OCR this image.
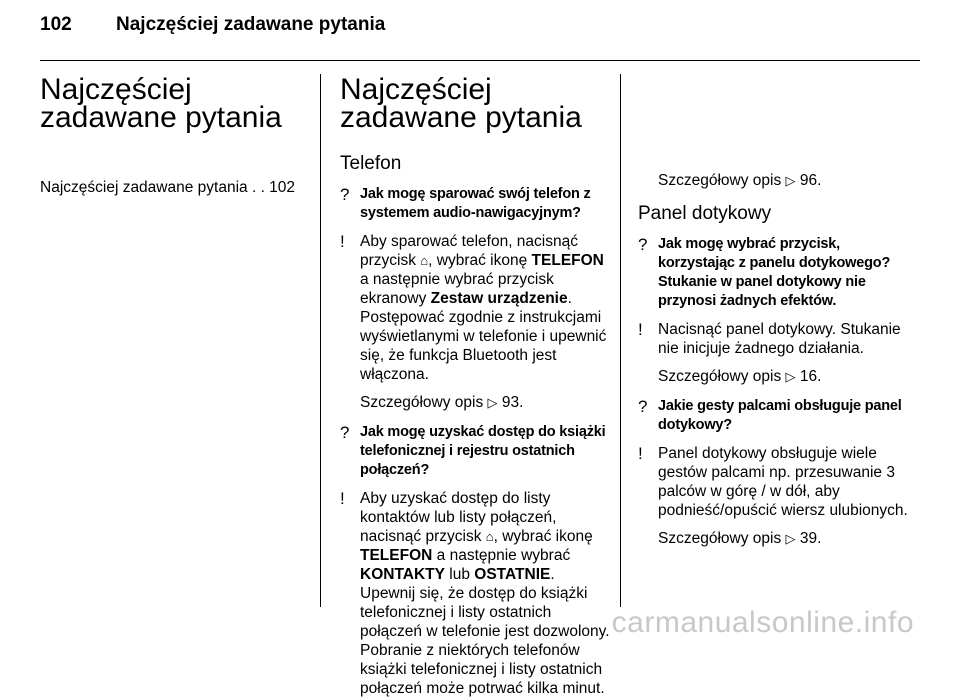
102 Najczęściej zadawane pytania
Najczęściej zadawane pytania
Najczęściej zadawane pytania . . 102
Najczęściej zadawane pytania
Telefon
? Jak mogę sparować swój telefon z systemem audio-nawigacyjnym?
! Aby sparować telefon, nacisnąć przycisk ⌂, wybrać ikonę TELEFON a następnie wybrać przycisk ekranowy Zestaw urządzenie. Postępować zgodnie z instrukcjami wyświetlanymi w telefonie i upewnić się, że funkcja Bluetooth jest włączona.
Szczegółowy opis ▷ 93.
? Jak mogę uzyskać dostęp do książki telefonicznej i rejestru ostatnich połączeń?
! Aby uzyskać dostęp do listy kontaktów lub listy połączeń, nacisnąć przycisk ⌂, wybrać ikonę TELEFON a następnie wybrać KONTAKTY lub OSTATNIE. Upewnij się, że dostęp do książki telefonicznej i listy ostatnich połączeń w telefonie jest dozwolony. Pobranie z niektórych telefonów książki telefonicznej i listy ostatnich połączeń może potrwać kilka minut.
Szczegółowy opis ▷ 96.
Panel dotykowy
? Jak mogę wybrać przycisk, korzystając z panelu dotykowego? Stukanie w panel dotykowy nie przynosi żadnych efektów.
! Nacisnąć panel dotykowy. Stukanie nie inicjuje żadnego działania.
Szczegółowy opis ▷ 16.
? Jakie gesty palcami obsługuje panel dotykowy?
! Panel dotykowy obsługuje wiele gestów palcami np. przesuwanie 3 palców w górę / w dół, aby podnieść/opuścić wiersz ulubionych.
Szczegółowy opis ▷ 39.
carmanualsonline.info
